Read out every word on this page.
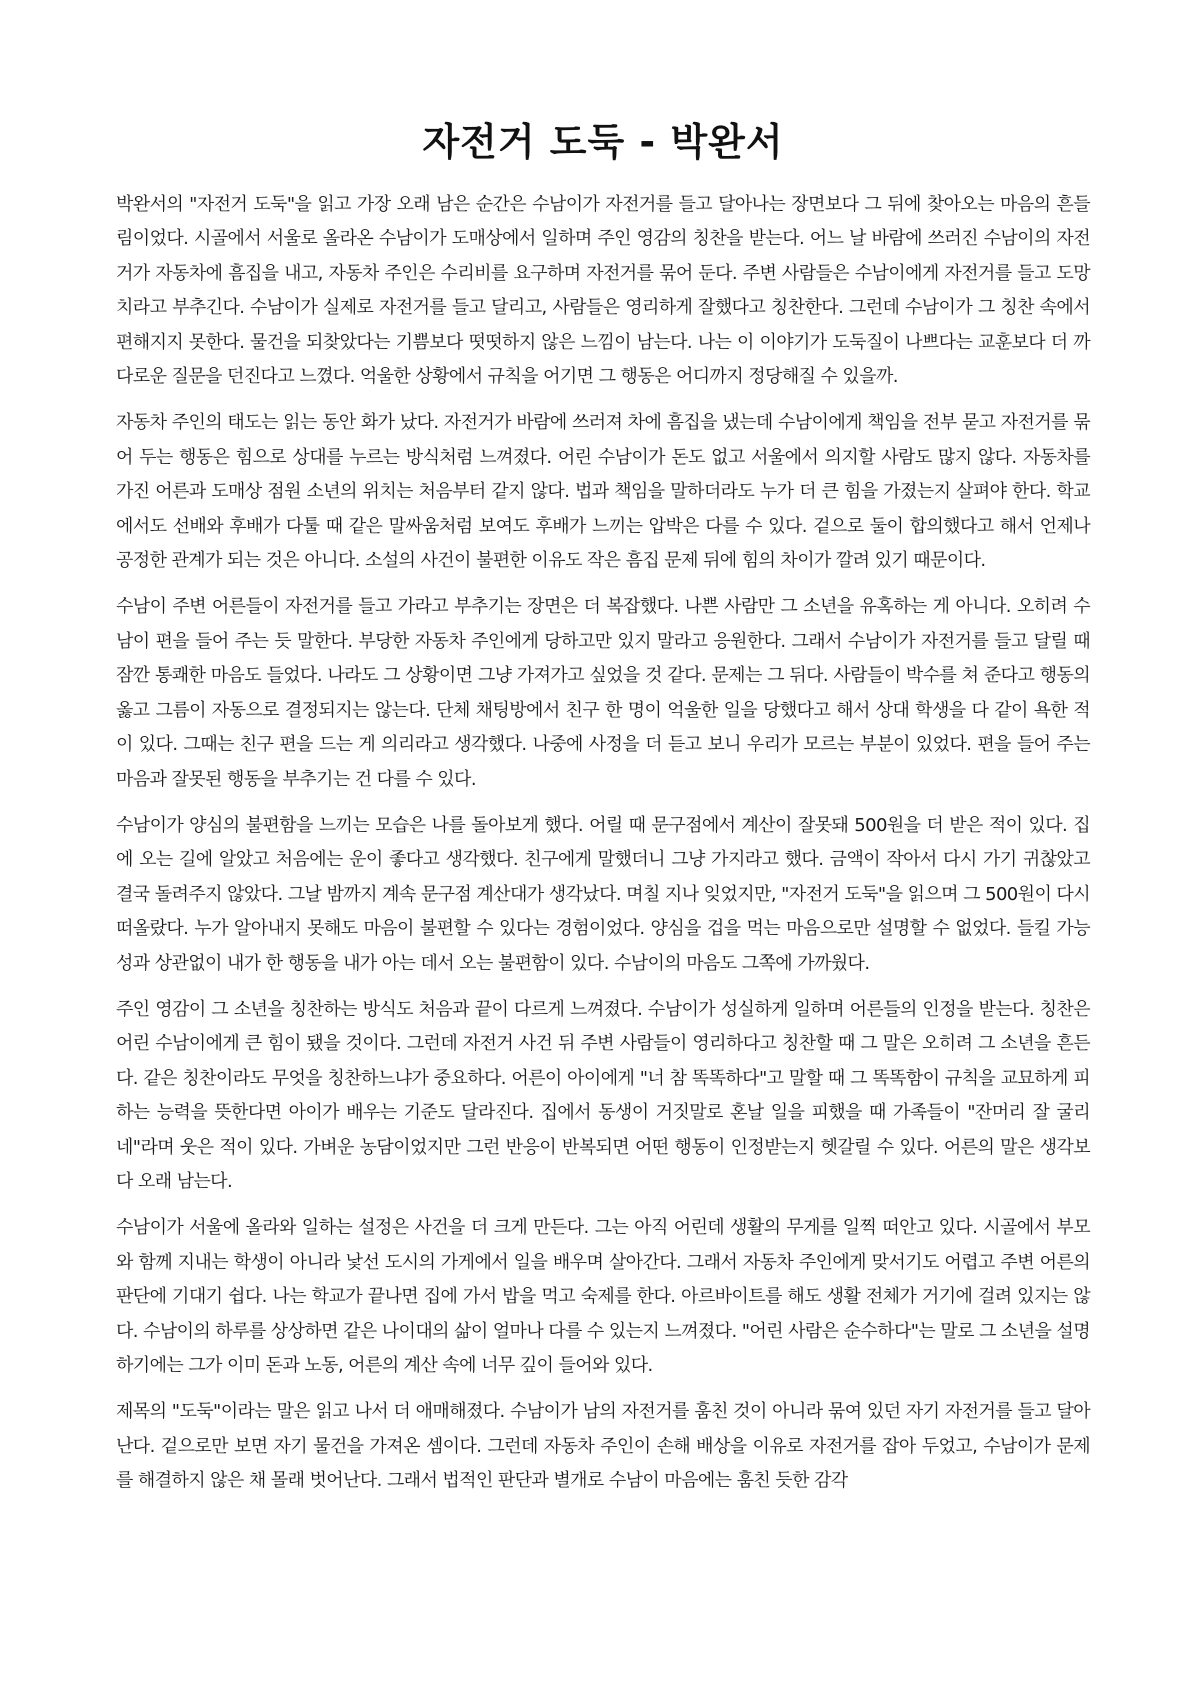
자전거 도둑 - 박완서

박완서의 "자전거 도둑"을 읽고 가장 오래 남은 순간은 수남이가 자전거를 들고 달아나는 장면보다 그 뒤에 찾아오는 마음의 흔들림이었다. 시골에서 서울로 올라온 수남이가 도매상에서 일하며 주인 영감의 칭찬을 받는다. 어느 날 바람에 쓰러진 수남이의 자전거가 자동차에 흠집을 내고, 자동차 주인은 수리비를 요구하며 자전거를 묶어 둔다. 주변 사람들은 수남이에게 자전거를 들고 도망치라고 부추긴다. 수남이가 실제로 자전거를 들고 달리고, 사람들은 영리하게 잘했다고 칭찬한다. 그런데 수남이가 그 칭찬 속에서 편해지지 못한다. 물건을 되찾았다는 기쁨보다 떳떳하지 않은 느낌이 남는다. 나는 이 이야기가 도둑질이 나쁘다는 교훈보다 더 까다로운 질문을 던진다고 느꼈다. 억울한 상황에서 규칙을 어기면 그 행동은 어디까지 정당해질 수 있을까.

자동차 주인의 태도는 읽는 동안 화가 났다. 자전거가 바람에 쓰러져 차에 흠집을 냈는데 수남이에게 책임을 전부 묻고 자전거를 묶어 두는 행동은 힘으로 상대를 누르는 방식처럼 느껴졌다. 어린 수남이가 돈도 없고 서울에서 의지할 사람도 많지 않다. 자동차를 가진 어른과 도매상 점원 소년의 위치는 처음부터 같지 않다. 법과 책임을 말하더라도 누가 더 큰 힘을 가졌는지 살펴야 한다. 학교에서도 선배와 후배가 다툴 때 같은 말싸움처럼 보여도 후배가 느끼는 압박은 다를 수 있다. 겉으로 둘이 합의했다고 해서 언제나 공정한 관계가 되는 것은 아니다. 소설의 사건이 불편한 이유도 작은 흠집 문제 뒤에 힘의 차이가 깔려 있기 때문이다.

수남이 주변 어른들이 자전거를 들고 가라고 부추기는 장면은 더 복잡했다. 나쁜 사람만 그 소년을 유혹하는 게 아니다. 오히려 수남이 편을 들어 주는 듯 말한다. 부당한 자동차 주인에게 당하고만 있지 말라고 응원한다. 그래서 수남이가 자전거를 들고 달릴 때 잠깐 통쾌한 마음도 들었다. 나라도 그 상황이면 그냥 가져가고 싶었을 것 같다. 문제는 그 뒤다. 사람들이 박수를 쳐 준다고 행동의 옳고 그름이 자동으로 결정되지는 않는다. 단체 채팅방에서 친구 한 명이 억울한 일을 당했다고 해서 상대 학생을 다 같이 욕한 적이 있다. 그때는 친구 편을 드는 게 의리라고 생각했다. 나중에 사정을 더 듣고 보니 우리가 모르는 부분이 있었다. 편을 들어 주는 마음과 잘못된 행동을 부추기는 건 다를 수 있다.

수남이가 양심의 불편함을 느끼는 모습은 나를 돌아보게 했다. 어릴 때 문구점에서 계산이 잘못돼 500원을 더 받은 적이 있다. 집에 오는 길에 알았고 처음에는 운이 좋다고 생각했다. 친구에게 말했더니 그냥 가지라고 했다. 금액이 작아서 다시 가기 귀찮았고 결국 돌려주지 않았다. 그날 밤까지 계속 문구점 계산대가 생각났다. 며칠 지나 잊었지만, "자전거 도둑"을 읽으며 그 500원이 다시 떠올랐다. 누가 알아내지 못해도 마음이 불편할 수 있다는 경험이었다. 양심을 겁을 먹는 마음으로만 설명할 수 없었다. 들킬 가능성과 상관없이 내가 한 행동을 내가 아는 데서 오는 불편함이 있다. 수남이의 마음도 그쪽에 가까웠다.

주인 영감이 그 소년을 칭찬하는 방식도 처음과 끝이 다르게 느껴졌다. 수남이가 성실하게 일하며 어른들의 인정을 받는다. 칭찬은 어린 수남이에게 큰 힘이 됐을 것이다. 그런데 자전거 사건 뒤 주변 사람들이 영리하다고 칭찬할 때 그 말은 오히려 그 소년을 흔든다. 같은 칭찬이라도 무엇을 칭찬하느냐가 중요하다. 어른이 아이에게 "너 참 똑똑하다"고 말할 때 그 똑똑함이 규칙을 교묘하게 피하는 능력을 뜻한다면 아이가 배우는 기준도 달라진다. 집에서 동생이 거짓말로 혼날 일을 피했을 때 가족들이 "잔머리 잘 굴리네"라며 웃은 적이 있다. 가벼운 농담이었지만 그런 반응이 반복되면 어떤 행동이 인정받는지 헷갈릴 수 있다. 어른의 말은 생각보다 오래 남는다.

수남이가 서울에 올라와 일하는 설정은 사건을 더 크게 만든다. 그는 아직 어린데 생활의 무게를 일찍 떠안고 있다. 시골에서 부모와 함께 지내는 학생이 아니라 낯선 도시의 가게에서 일을 배우며 살아간다. 그래서 자동차 주인에게 맞서기도 어렵고 주변 어른의 판단에 기대기 쉽다. 나는 학교가 끝나면 집에 가서 밥을 먹고 숙제를 한다. 아르바이트를 해도 생활 전체가 거기에 걸려 있지는 않다. 수남이의 하루를 상상하면 같은 나이대의 삶이 얼마나 다를 수 있는지 느껴졌다. "어린 사람은 순수하다"는 말로 그 소년을 설명하기에는 그가 이미 돈과 노동, 어른의 계산 속에 너무 깊이 들어와 있다.

제목의 "도둑"이라는 말은 읽고 나서 더 애매해졌다. 수남이가 남의 자전거를 훔친 것이 아니라 묶여 있던 자기 자전거를 들고 달아난다. 겉으로만 보면 자기 물건을 가져온 셈이다. 그런데 자동차 주인이 손해 배상을 이유로 자전거를 잡아 두었고, 수남이가 문제를 해결하지 않은 채 몰래 벗어난다. 그래서 법적인 판단과 별개로 수남이 마음에는 훔친 듯한 감각
